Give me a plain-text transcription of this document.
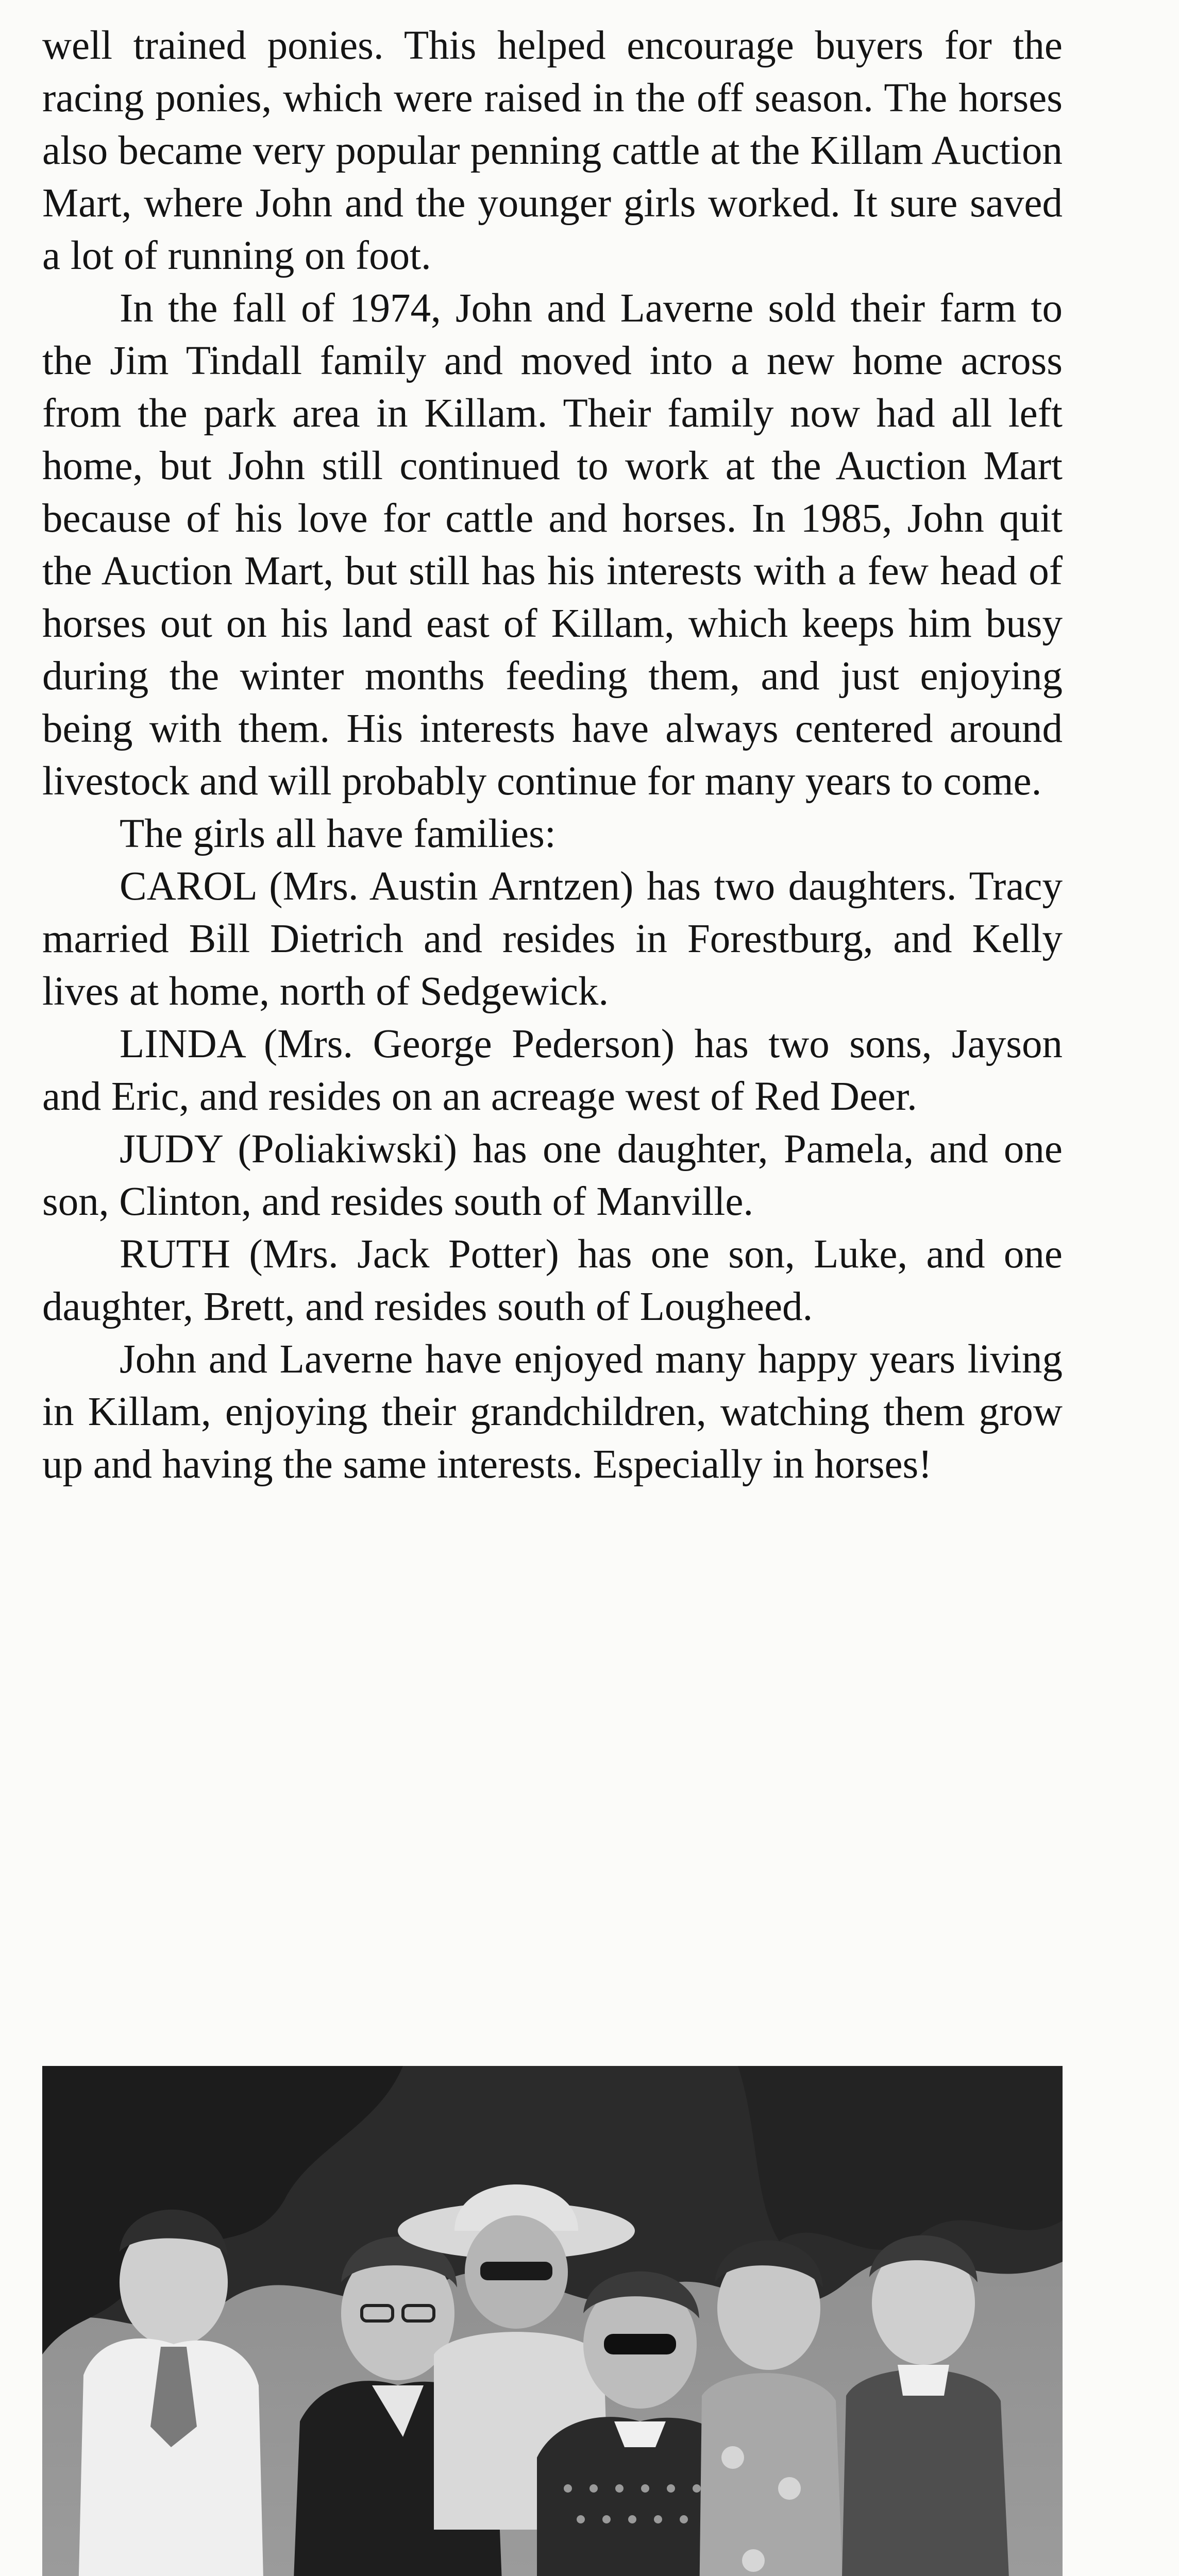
well trained ponies. This helped encourage buyers for the racing ponies, which were raised in the off season. The horses also became very popular penning cattle at the Killam Auction Mart, where John and the younger girls worked. It sure saved a lot of running on foot.

In the fall of 1974, John and Laverne sold their farm to the Jim Tindall family and moved into a new home across from the park area in Killam. Their family now had all left home, but John still continued to work at the Auction Mart because of his love for cattle and horses. In 1985, John quit the Auction Mart, but still has his interests with a few head of horses out on his land east of Killam, which keeps him busy during the winter months feeding them, and just enjoying being with them. His interests have always centered around livestock and will probably continue for many years to come.

The girls all have families:

CAROL (Mrs. Austin Arntzen) has two daughters. Tracy married Bill Dietrich and resides in Forestburg, and Kelly lives at home, north of Sedgewick.

LINDA (Mrs. George Pederson) has two sons, Jayson and Eric, and resides on an acreage west of Red Deer.

JUDY (Poliakiwski) has one daughter, Pamela, and one son, Clinton, and resides south of Manville.

RUTH (Mrs. Jack Potter) has one son, Luke, and one daughter, Brett, and resides south of Lougheed.

John and Laverne have enjoyed many happy years living in Killam, enjoying their grandchildren, watching them grow up and having the same interests. Especially in horses!
